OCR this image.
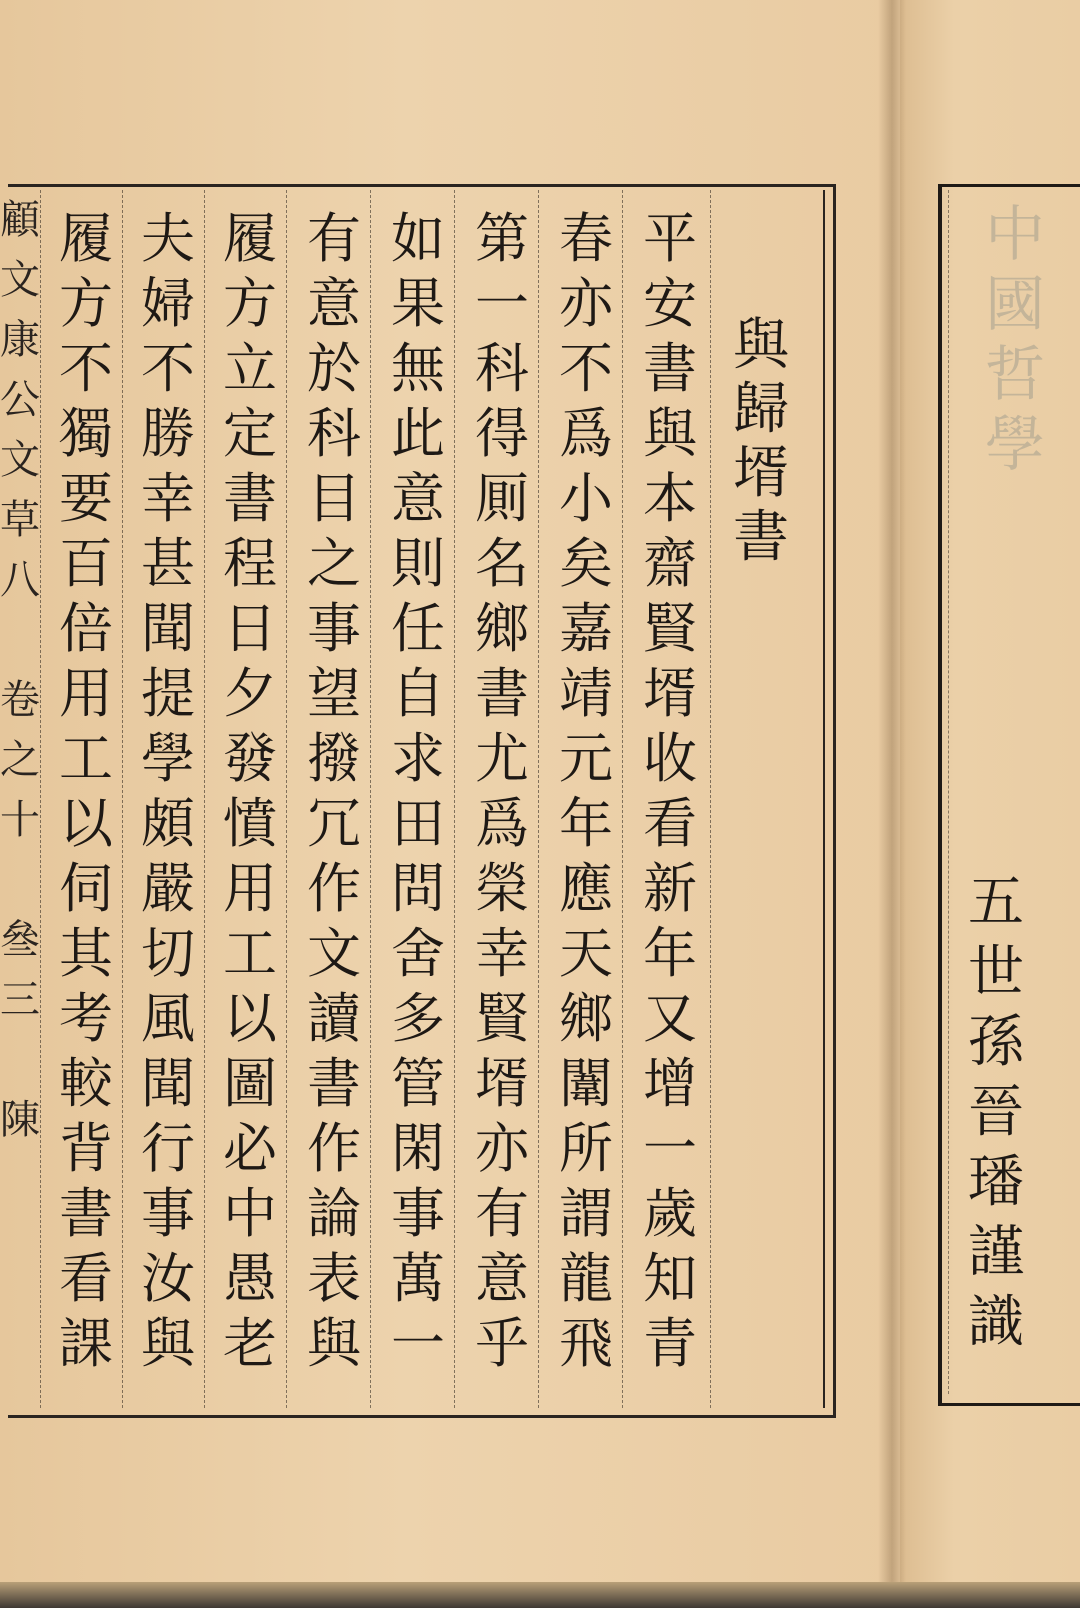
顧
文
康
公
文
草
八

卷
之
十

叄
三

陳
與
歸
壻
書
平
安
書
與
本
齋
賢
壻
收
看
新
年
又
增
一
歲
知
青
春
亦
不
爲
小
矣
嘉
靖
元
年
應
天
鄉
闈
所
謂
龍
飛
第
一
科
得
厠
名
鄉
書
尤
爲
榮
幸
賢
壻
亦
有
意
乎
如
果
無
此
意
則
任
自
求
田
問
舍
多
管
閑
事
萬
一
有
意
於
科
目
之
事
望
撥
冗
作
文
讀
書
作
論
表
與
履
方
立
定
書
程
日
夕
發
憤
用
工
以
圖
必
中
愚
老
夫
婦
不
勝
幸
甚
聞
提
學
頗
嚴
切
風
聞
行
事
汝
與
履
方
不
獨
要
百
倍
用
工
以
伺
其
考
較
背
書
看
課
中
國
哲
學
五
世
孫
晉
璠
謹
識
